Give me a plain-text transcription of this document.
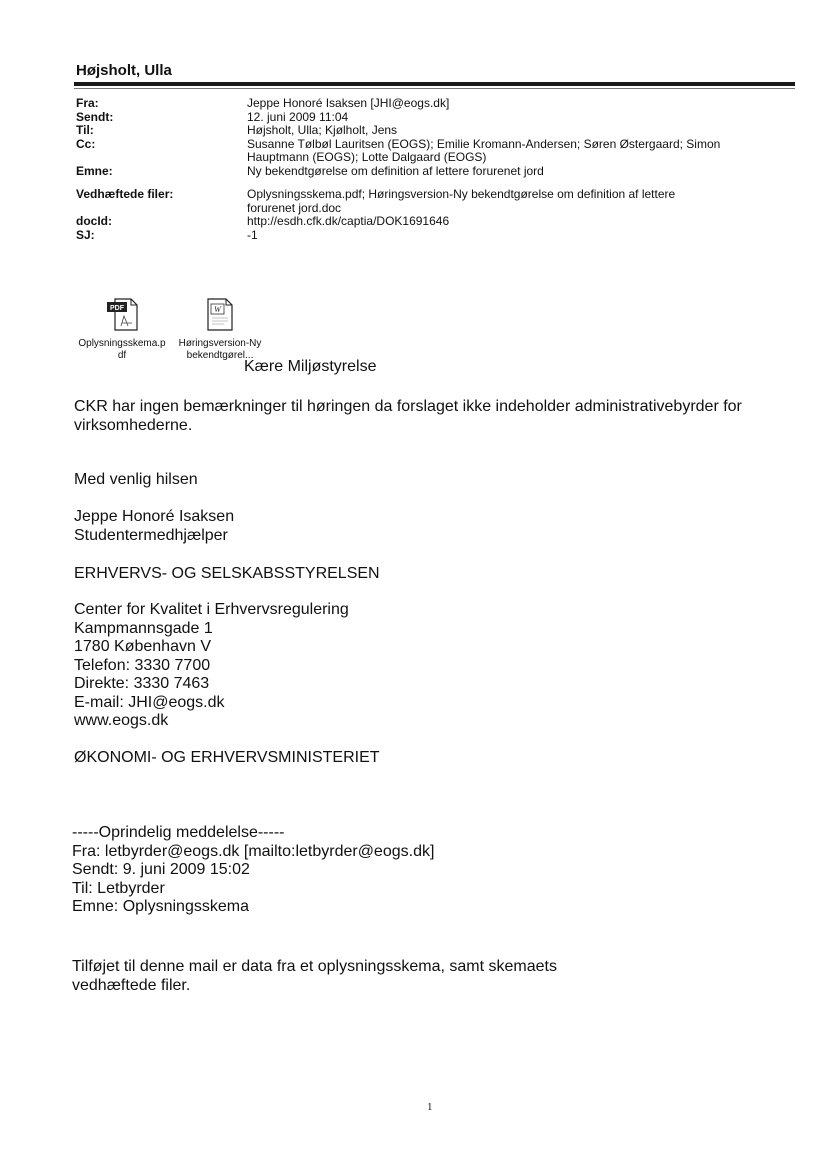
Højsholt, Ulla
Fra:	Jeppe Honoré Isaksen [JHI@eogs.dk]
Sendt:	12. juni 2009 11:04
Til:	Højsholt, Ulla; Kjølholt, Jens
Cc:	Susanne Tølbøl Lauritsen (EOGS); Emilie Kromann-Andersen; Søren Østergaard; Simon
Hauptmann (EOGS); Lotte Dalgaard (EOGS)
Emne:	Ny bekendtgørelse om definition af lettere forurenet jord
Vedhæftede filer:	Oplysningsskema.pdf; Høringsversion-Ny bekendtgørelse om definition af lettere
forurenet jord.doc
docId:	http://esdh.cfk.dk/captia/DOK1691646
SJ:	-1
PDF
Oplysningsskema.p
df
W
Høringsversion-Ny
bekendtgørel...
Kære Miljøstyrelse
CKR har ingen bemærkninger til høringen da forslaget ikke indeholder administrativebyrder for
virksomhederne.
Med venlig hilsen
Jeppe Honoré Isaksen
Studentermedhjælper
ERHVERVS- OG SELSKABSSTYRELSEN
Center for Kvalitet i Erhvervsregulering
Kampmannsgade 1
1780 København V
Telefon: 3330 7700
Direkte: 3330 7463
E-mail: JHI@eogs.dk
www.eogs.dk
ØKONOMI- OG ERHVERVSMINISTERIET
-----Oprindelig meddelelse-----
Fra: letbyrder@eogs.dk [mailto:letbyrder@eogs.dk]
Sendt: 9. juni 2009 15:02
Til: Letbyrder
Emne: Oplysningsskema
Tilføjet til denne mail er data fra et oplysningsskema, samt skemaets
vedhæftede filer.
1
